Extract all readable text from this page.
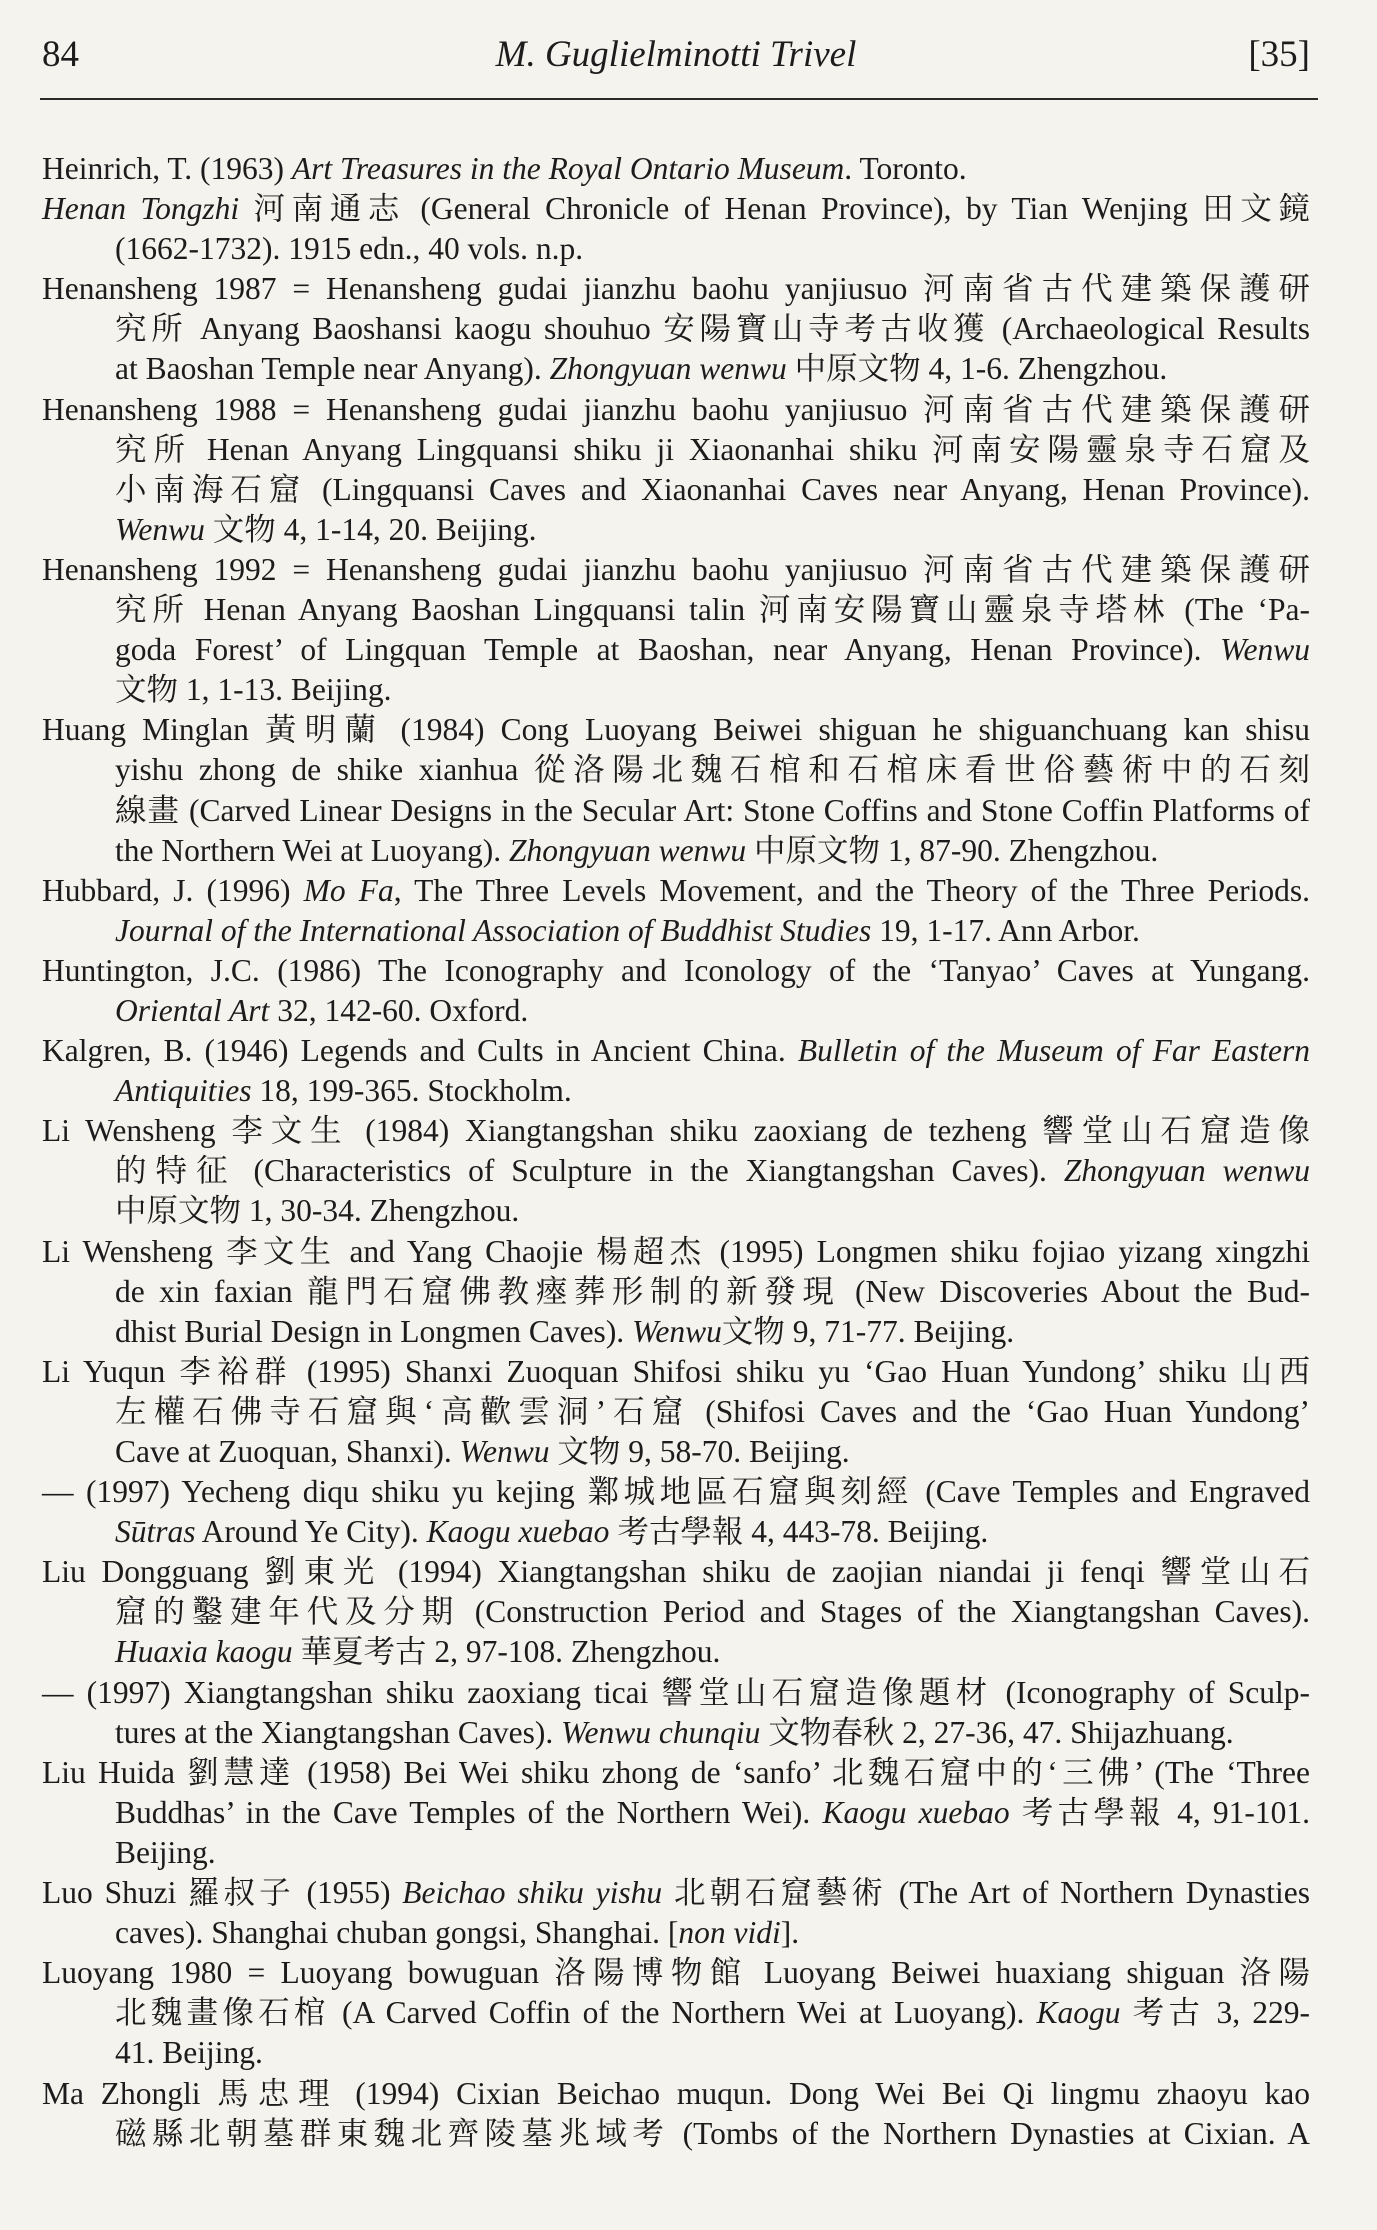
84	M. Guglielminotti Trivel	[35]
Heinrich, T. (1963) Art Treasures in the Royal Ontario Museum. Toronto.
Henan Tongzhi 河南通志 (General Chronicle of Henan Province), by Tian Wenjing 田文鏡
(1662-1732). 1915 edn., 40 vols. n.p.
Henansheng 1987 = Henansheng gudai jianzhu baohu yanjiusuo 河南省古代建築保護研
究所 Anyang Baoshansi kaogu shouhuo 安陽寶山寺考古收獲 (Archaeological Results
at Baoshan Temple near Anyang). Zhongyuan wenwu 中原文物 4, 1-6. Zhengzhou.
Henansheng 1988 = Henansheng gudai jianzhu baohu yanjiusuo 河南省古代建築保護研
究所 Henan Anyang Lingquansi shiku ji Xiaonanhai shiku 河南安陽靈泉寺石窟及
小南海石窟 (Lingquansi Caves and Xiaonanhai Caves near Anyang, Henan Province).
Wenwu 文物 4, 1-14, 20. Beijing.
Henansheng 1992 = Henansheng gudai jianzhu baohu yanjiusuo 河南省古代建築保護研
究所 Henan Anyang Baoshan Lingquansi talin 河南安陽寶山靈泉寺塔林 (The ‘Pa-
goda Forest’ of Lingquan Temple at Baoshan, near Anyang, Henan Province). Wenwu
文物 1, 1-13. Beijing.
Huang Minglan 黃明蘭 (1984) Cong Luoyang Beiwei shiguan he shiguanchuang kan shisu
yishu zhong de shike xianhua 從洛陽北魏石棺和石棺床看世俗藝術中的石刻
線畫 (Carved Linear Designs in the Secular Art: Stone Coffins and Stone Coffin Platforms of
the Northern Wei at Luoyang). Zhongyuan wenwu 中原文物 1, 87-90. Zhengzhou.
Hubbard, J. (1996) Mo Fa, The Three Levels Movement, and the Theory of the Three Periods.
Journal of the International Association of Buddhist Studies 19, 1-17. Ann Arbor.
Huntington, J.C. (1986) The Iconography and Iconology of the ‘Tanyao’ Caves at Yungang.
Oriental Art 32, 142-60. Oxford.
Kalgren, B. (1946) Legends and Cults in Ancient China. Bulletin of the Museum of Far Eastern
Antiquities 18, 199-365. Stockholm.
Li Wensheng 李文生 (1984) Xiangtangshan shiku zaoxiang de tezheng 響堂山石窟造像
的特征 (Characteristics of Sculpture in the Xiangtangshan Caves). Zhongyuan wenwu
中原文物 1, 30-34. Zhengzhou.
Li Wensheng 李文生 and Yang Chaojie 楊超杰 (1995) Longmen shiku fojiao yizang xingzhi
de xin faxian 龍門石窟佛教瘞葬形制的新發現 (New Discoveries About the Bud-
dhist Burial Design in Longmen Caves). Wenwu文物 9, 71-77. Beijing.
Li Yuqun 李裕群 (1995) Shanxi Zuoquan Shifosi shiku yu ‘Gao Huan Yundong’ shiku 山西
左權石佛寺石窟與‘高歡雲洞’石窟 (Shifosi Caves and the ‘Gao Huan Yundong’
Cave at Zuoquan, Shanxi). Wenwu 文物 9, 58-70. Beijing.
— (1997) Yecheng diqu shiku yu kejing 鄴城地區石窟與刻經 (Cave Temples and Engraved
Sūtras Around Ye City). Kaogu xuebao 考古學報 4, 443-78. Beijing.
Liu Dongguang 劉東光 (1994) Xiangtangshan shiku de zaojian niandai ji fenqi 響堂山石
窟的鑿建年代及分期 (Construction Period and Stages of the Xiangtangshan Caves).
Huaxia kaogu 華夏考古 2, 97-108. Zhengzhou.
— (1997) Xiangtangshan shiku zaoxiang ticai 響堂山石窟造像題材 (Iconography of Sculp-
tures at the Xiangtangshan Caves). Wenwu chunqiu 文物春秋 2, 27-36, 47. Shijazhuang.
Liu Huida 劉慧達 (1958) Bei Wei shiku zhong de ‘sanfo’ 北魏石窟中的‘三佛’ (The ‘Three
Buddhas’ in the Cave Temples of the Northern Wei). Kaogu xuebao 考古學報 4, 91-101.
Beijing.
Luo Shuzi 羅叔子 (1955) Beichao shiku yishu 北朝石窟藝術 (The Art of Northern Dynasties
caves). Shanghai chuban gongsi, Shanghai. [non vidi].
Luoyang 1980 = Luoyang bowuguan 洛陽博物館 Luoyang Beiwei huaxiang shiguan 洛陽
北魏畫像石棺 (A Carved Coffin of the Northern Wei at Luoyang). Kaogu 考古 3, 229-
41. Beijing.
Ma Zhongli 馬忠理 (1994) Cixian Beichao muqun. Dong Wei Bei Qi lingmu zhaoyu kao
磁縣北朝墓群東魏北齊陵墓兆域考 (Tombs of the Northern Dynasties at Cixian. A
